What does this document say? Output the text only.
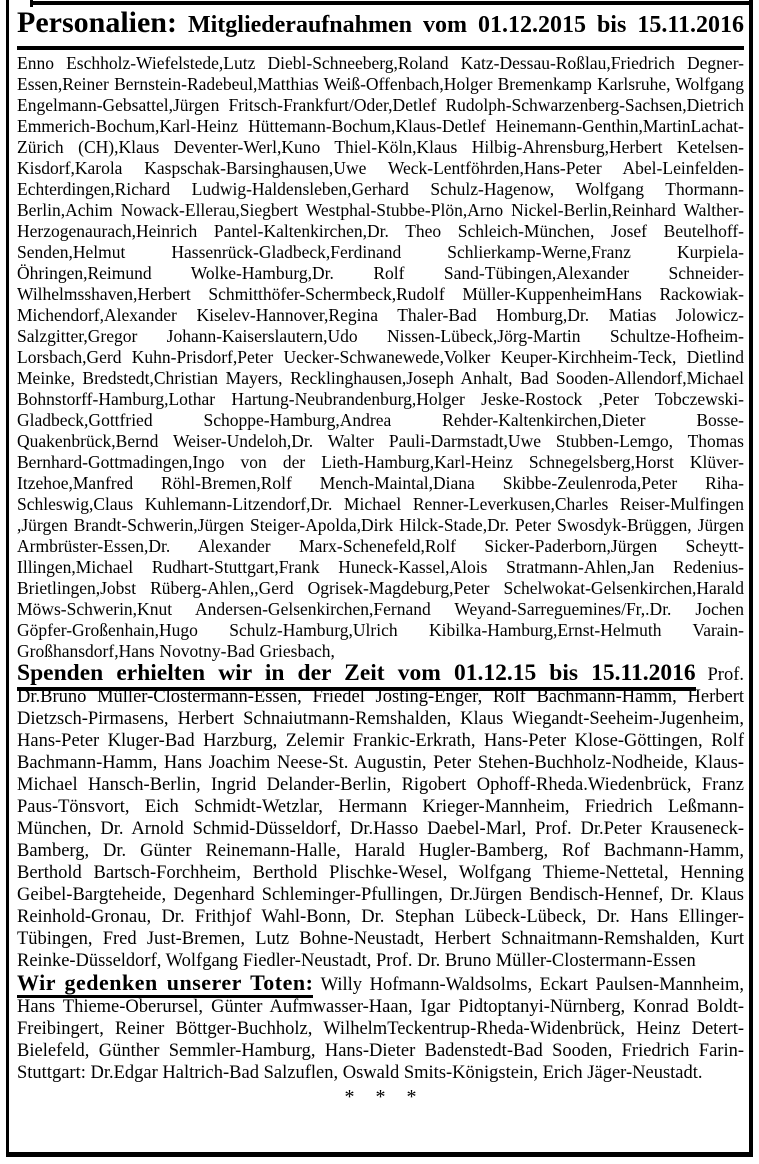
Personalien: Mitgliederaufnahmen vom 01.12.2015 bis 15.11.2016

Enno Eschholz-Wiefelstede,Lutz Diebl-Schneeberg,Roland Katz-Dessau-Roßlau,Friedrich Degner-Essen,Reiner Bernstein-Radebeul,Matthias Weiß-Offenbach,Holger Bremenkamp Karlsruhe, Wolfgang Engelmann-Gebsattel,Jürgen Fritsch-Frankfurt/Oder,Detlef Rudolph-Schwarzenberg-Sachsen,Dietrich Emmerich-Bochum,Karl-Heinz Hüttemann-Bochum,Klaus-Detlef Heinemann-Genthin,MartinLachat-Zürich (CH),Klaus Deventer-Werl,Kuno Thiel-Köln,Klaus Hilbig-Ahrensburg,Herbert Ketelsen-Kisdorf,Karola Kaspschak-Barsinghausen,Uwe Weck-Lentföhrden,Hans-Peter Abel-Leinfelden-Echterdingen,Richard Ludwig-Haldensleben,Gerhard Schulz-Hagenow, Wolfgang Thormann-Berlin,Achim Nowack-Ellerau,Siegbert Westphal-Stubbe-Plön,Arno Nickel-Berlin,Reinhard Walther-Herzogenaurach,Heinrich Pantel-Kaltenkirchen,Dr. Theo Schleich-München, Josef Beutelhoff-Senden,Helmut Hassenrück-Gladbeck,Ferdinand Schlierkamp-Werne,Franz Kurpiela-Öhringen,Reimund Wolke-Hamburg,Dr. Rolf Sand-Tübingen,Alexander Schneider-Wilhelmsshaven,Herbert Schmitthöfer-Schermbeck,Rudolf Müller-KuppenheimHans Rackowiak-Michendorf,Alexander Kiselev-Hannover,Regina Thaler-Bad Homburg,Dr. Matias Jolowicz-Salzgitter,Gregor Johann-Kaiserslautern,Udo Nissen-Lübeck,Jörg-Martin Schultze-Hofheim-Lorsbach,Gerd Kuhn-Prisdorf,Peter Uecker-Schwanewede,Volker Keuper-Kirchheim-Teck, Dietlind Meinke, Bredstedt,Christian Mayers, Recklinghausen,Joseph Anhalt, Bad Sooden-Allendorf,Michael Bohnstorff-Hamburg,Lothar Hartung-Neubrandenburg,Holger Jeske-Rostock ,Peter Tobczewski-Gladbeck,Gottfried Schoppe-Hamburg,Andrea Rehder-Kaltenkirchen,Dieter Bosse-Quakenbrück,Bernd Weiser-Undeloh,Dr. Walter Pauli-Darmstadt,Uwe Stubben-Lemgo, Thomas Bernhard-Gottmadingen,Ingo von der Lieth-Hamburg,Karl-Heinz Schnegelsberg,Horst Klüver-Itzehoe,Manfred Röhl-Bremen,Rolf Mench-Maintal,Diana Skibbe-Zeulenroda,Peter Riha-Schleswig,Claus Kuhlemann-Litzendorf,Dr. Michael Renner-Leverkusen,Charles Reiser-Mulfingen ,Jürgen Brandt-Schwerin,Jürgen Steiger-Apolda,Dirk Hilck-Stade,Dr. Peter Swosdyk-Brüggen, Jürgen Armbrüster-Essen,Dr. Alexander Marx-Schenefeld,Rolf Sicker-Paderborn,Jürgen Scheytt-Illingen,Michael Rudhart-Stuttgart,Frank Huneck-Kassel,Alois Stratmann-Ahlen,Jan Redenius-Brietlingen,Jobst Rüberg-Ahlen,,Gerd Ogrisek-Magdeburg,Peter Schelwokat-Gelsenkirchen,Harald Möws-Schwerin,Knut Andersen-Gelsenkirchen,Fernand Weyand-Sarreguemines/Fr,.Dr. Jochen Göpfer-Großenhain,Hugo Schulz-Hamburg,Ulrich Kibilka-Hamburg,Ernst-Helmuth Varain-Großhansdorf,Hans Novotny-Bad Griesbach,

Spenden erhielten wir in der Zeit vom 01.12.15 bis 15.11.2016 Prof. Dr.Bruno Müller-Clostermann-Essen, Friedel Josting-Enger, Rolf Bachmann-Hamm, Herbert Dietzsch-Pirmasens, Herbert Schnaiutmann-Remshalden, Klaus Wiegandt-Seeheim-Jugenheim, Hans-Peter Kluger-Bad Harzburg, Zelemir Frankic-Erkrath, Hans-Peter Klose-Göttingen, Rolf Bachmann-Hamm, Hans Joachim Neese-St. Augustin, Peter Stehen-Buchholz-Nodheide, Klaus-Michael Hansch-Berlin, Ingrid Delander-Berlin, Rigobert Ophoff-Rheda.Wiedenbrück, Franz Paus-Tönsvort, Eich Schmidt-Wetzlar, Hermann Krieger-Mannheim, Friedrich Leßmann-München, Dr. Arnold Schmid-Düsseldorf, Dr.Hasso Daebel-Marl, Prof. Dr.Peter Krauseneck-Bamberg, Dr. Günter Reinemann-Halle, Harald Hugler-Bamberg, Rof Bachmann-Hamm, Berthold Bartsch-Forchheim, Berthold Plischke-Wesel, Wolfgang Thieme-Nettetal, Henning Geibel-Bargteheide, Degenhard Schleminger-Pfullingen, Dr.Jürgen Bendisch-Hennef, Dr. Klaus Reinhold-Gronau, Dr. Frithjof Wahl-Bonn, Dr. Stephan Lübeck-Lübeck, Dr. Hans Ellinger-Tübingen, Fred Just-Bremen, Lutz Bohne-Neustadt, Herbert Schnaitmann-Remshalden, Kurt Reinke-Düsseldorf, Wolfgang Fiedler-Neustadt, Prof. Dr. Bruno Müller-Clostermann-Essen

Wir gedenken unserer Toten: Willy Hofmann-Waldsolms, Eckart Paulsen-Mannheim, Hans Thieme-Oberursel, Günter Aufmwasser-Haan, Igar Pidtoptanyi-Nürnberg, Konrad Boldt-Freibingert, Reiner Böttger-Buchholz, WilhelmTeckentrup-Rheda-Widenbrück, Heinz Detert-Bielefeld, Günther Semmler-Hamburg, Hans-Dieter Badenstedt-Bad Sooden, Friedrich Farin-Stuttgart: Dr.Edgar Haltrich-Bad Salzuflen, Oswald Smits-Königstein, Erich Jäger-Neustadt.

* * *
